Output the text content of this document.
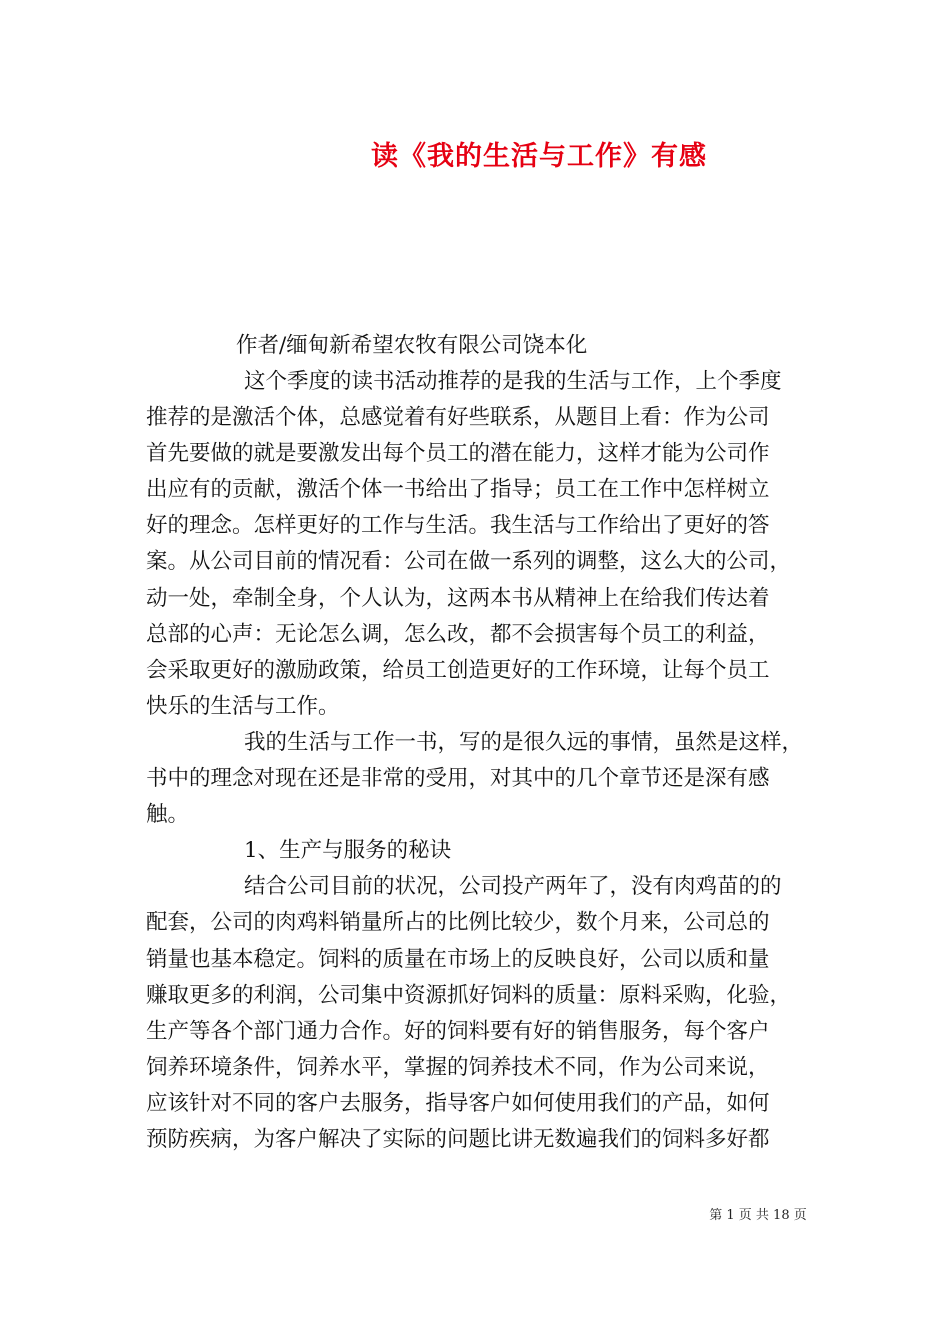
读《我的生活与工作》有感
作者/缅甸新希望农牧有限公司饶本化
这个季度的读书活动推荐的是我的生活与工作，上个季度
推荐的是激活个体，总感觉着有好些联系，从题目上看：作为公司
首先要做的就是要激发出每个员工的潜在能力，这样才能为公司作
出应有的贡献，激活个体一书给出了指导；员工在工作中怎样树立
好的理念。怎样更好的工作与生活。我生活与工作给出了更好的答
案。从公司目前的情况看：公司在做一系列的调整，这么大的公司，
动一处，牵制全身，个人认为，这两本书从精神上在给我们传达着
总部的心声：无论怎么调，怎么改，都不会损害每个员工的利益，
会采取更好的激励政策，给员工创造更好的工作环境，让每个员工
快乐的生活与工作。
我的生活与工作一书，写的是很久远的事情，虽然是这样，
书中的理念对现在还是非常的受用，对其中的几个章节还是深有感
触。
1、生产与服务的秘诀
结合公司目前的状况，公司投产两年了，没有肉鸡苗的的
配套，公司的肉鸡料销量所占的比例比较少，数个月来，公司总的
销量也基本稳定。饲料的质量在市场上的反映良好，公司以质和量
赚取更多的利润，公司集中资源抓好饲料的质量：原料采购，化验，
生产等各个部门通力合作。好的饲料要有好的销售服务，每个客户
饲养环境条件，饲养水平，掌握的饲养技术不同，作为公司来说，
应该针对不同的客户去服务，指导客户如何使用我们的产品，如何
预防疾病，为客户解决了实际的问题比讲无数遍我们的饲料多好都
第 1 页 共 18 页
